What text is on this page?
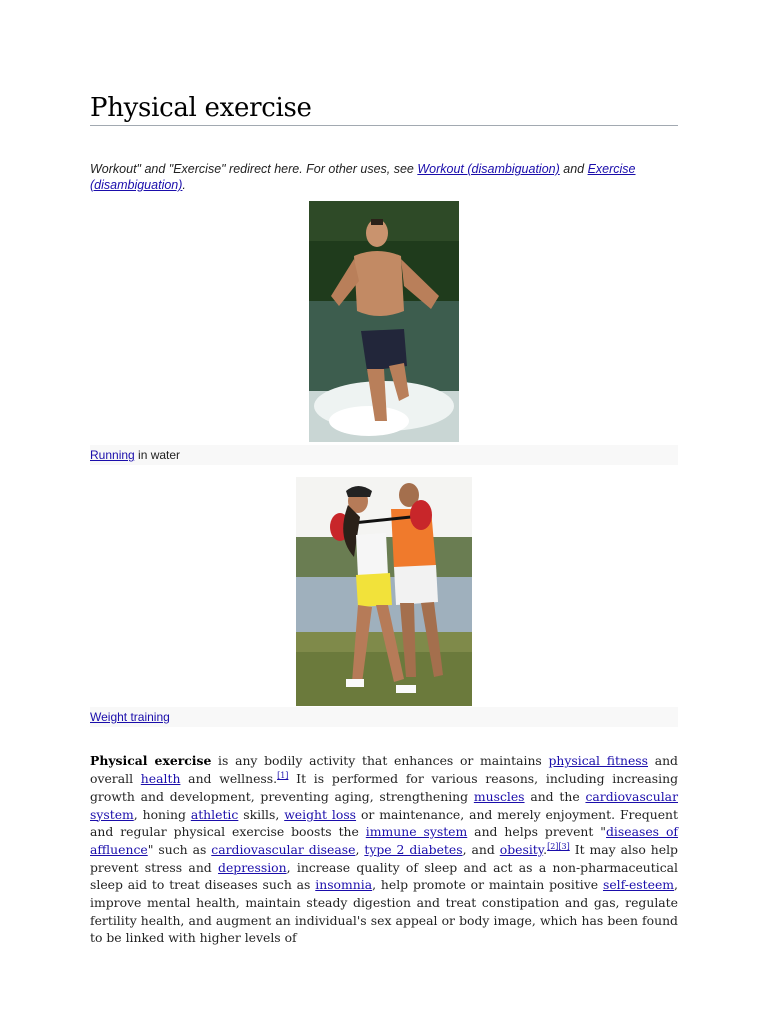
Physical exercise
Workout" and "Exercise" redirect here. For other uses, see Workout (disambiguation) and Exercise (disambiguation).
Running in water
Weight training

Physical exercise is any bodily activity that enhances or maintains physical fitness and overall health and wellness.[1] It is performed for various reasons, including increasing growth and development, preventing aging, strengthening muscles and the cardiovascular system, honing athletic skills, weight loss or maintenance, and merely enjoyment. Frequent and regular physical exercise boosts the immune system and helps prevent "diseases of affluence" such as cardiovascular disease, type 2 diabetes, and obesity.[2][3] It may also help prevent stress and depression, increase quality of sleep and act as a non-pharmaceutical sleep aid to treat diseases such as insomnia, help promote or maintain positive self-esteem, improve mental health, maintain steady digestion and treat constipation and gas, regulate fertility health, and augment an individual's sex appeal or body image, which has been found to be linked with higher levels of
